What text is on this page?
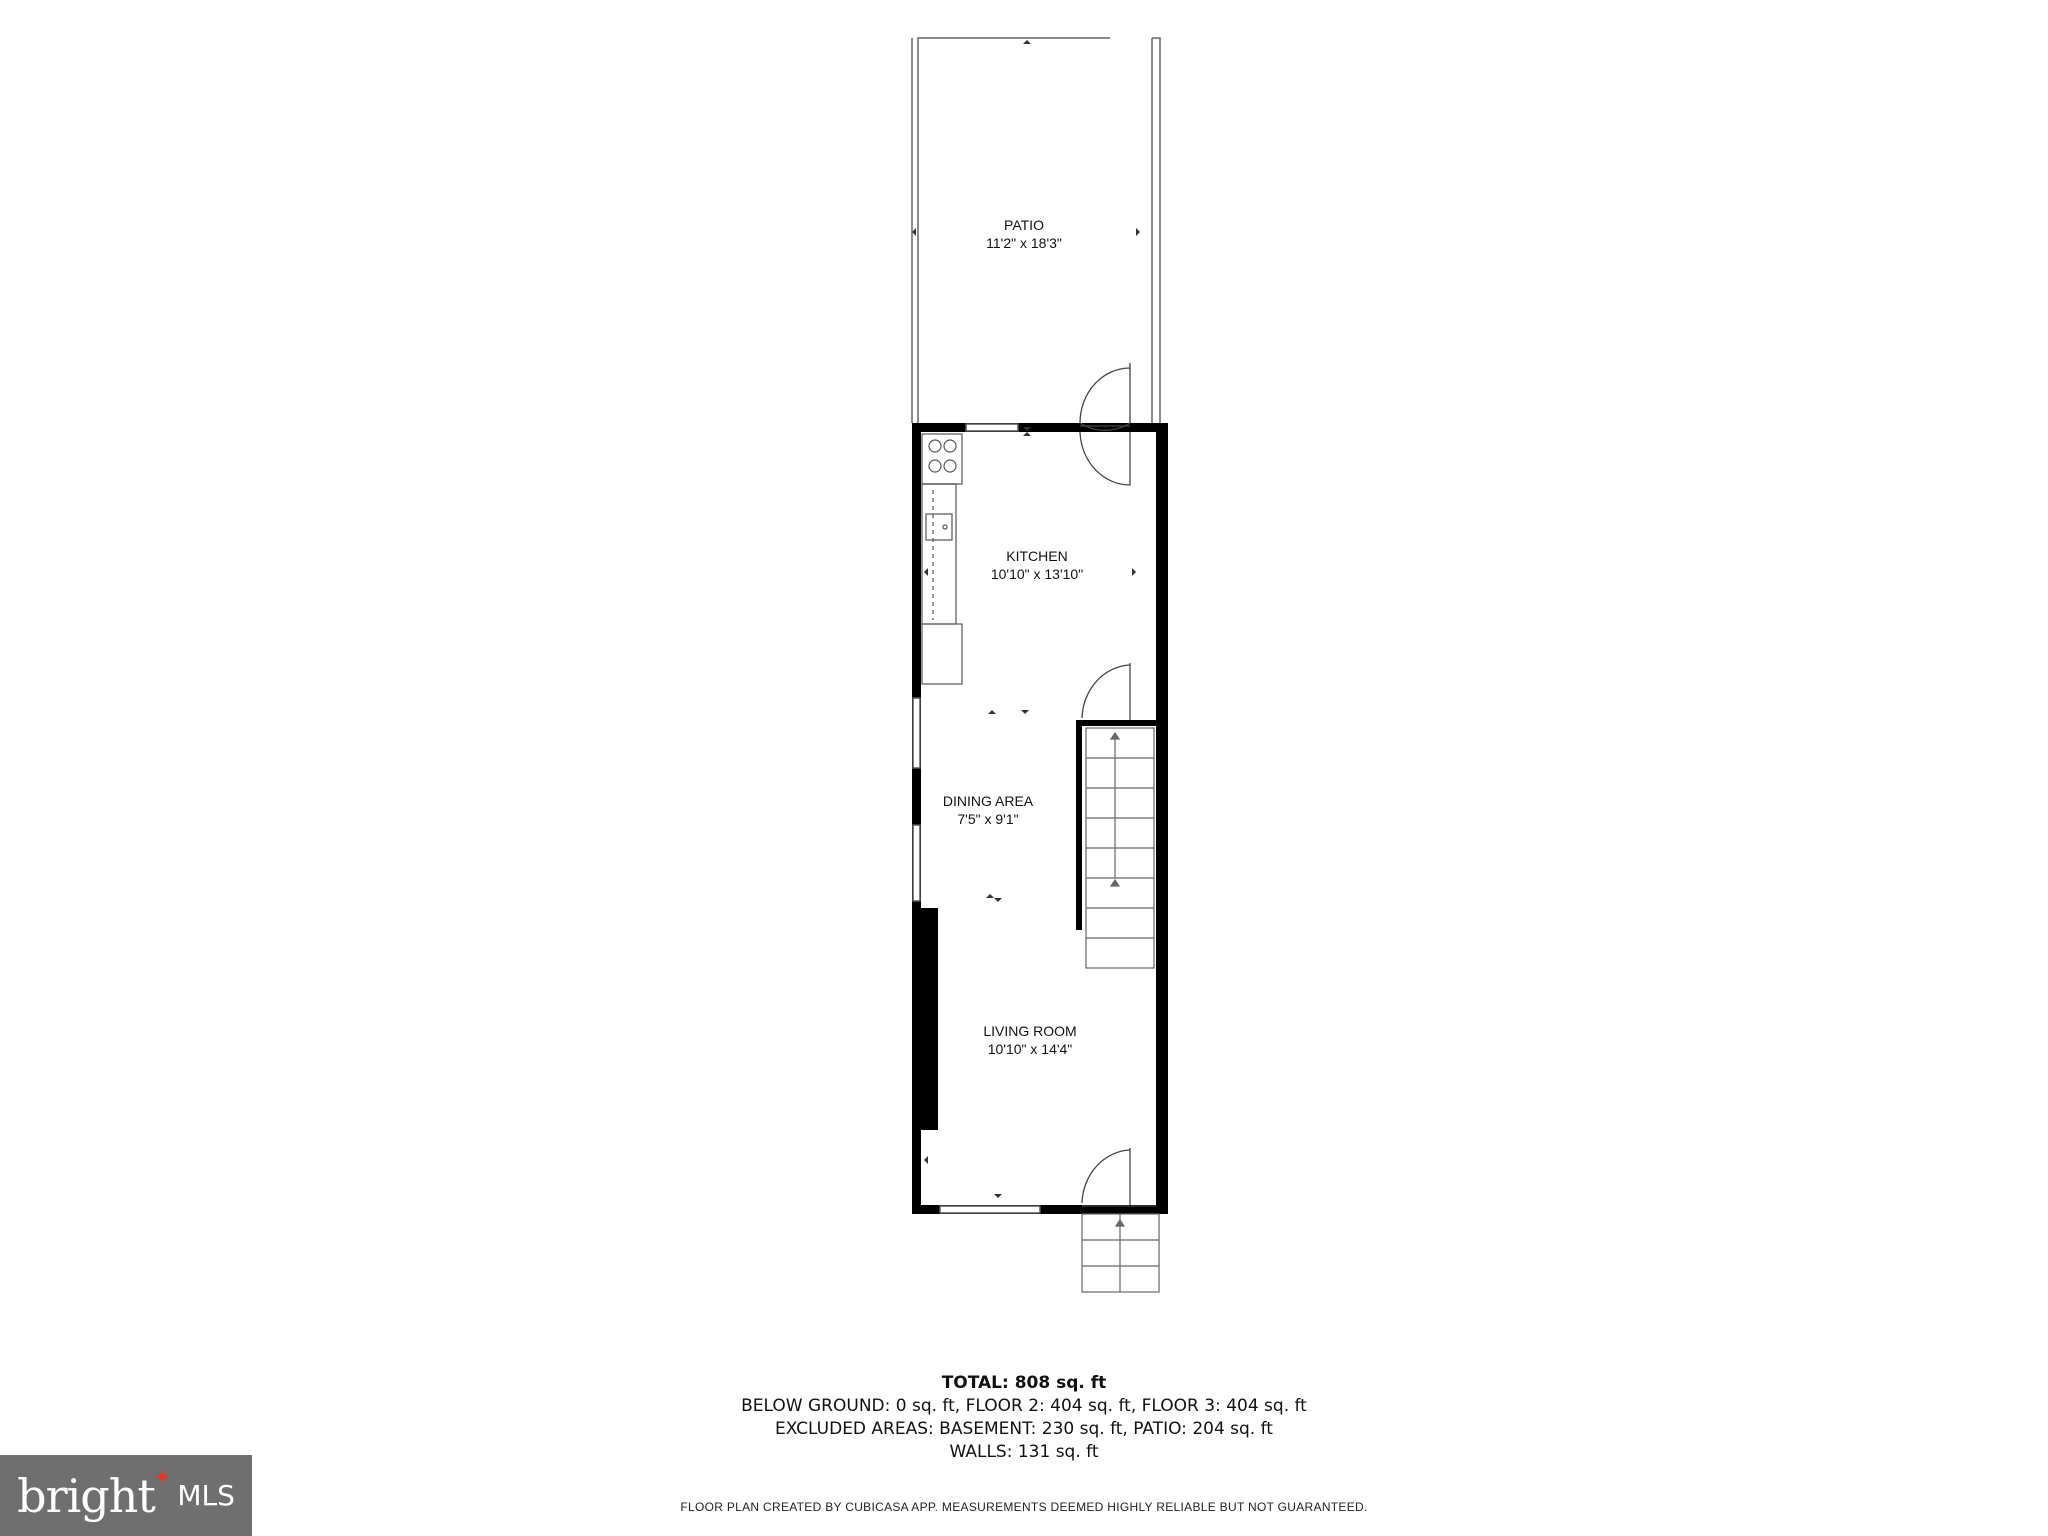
PATIO
11'2" x 18'3"
KITCHEN
10'10" x 13'10"
DINING AREA
7'5" x 9'1"
LIVING ROOM
10'10" x 14'4"
TOTAL: 808 sq. ft
BELOW GROUND: 0 sq. ft, FLOOR 2: 404 sq. ft, FLOOR 3: 404 sq. ft
EXCLUDED AREAS: BASEMENT: 230 sq. ft, PATIO: 204 sq. ft
WALLS: 131 sq. ft
FLOOR PLAN CREATED BY CUBICASA APP. MEASUREMENTS DEEMED HIGHLY RELIABLE BUT NOT GUARANTEED.
bright
✦
MLS
